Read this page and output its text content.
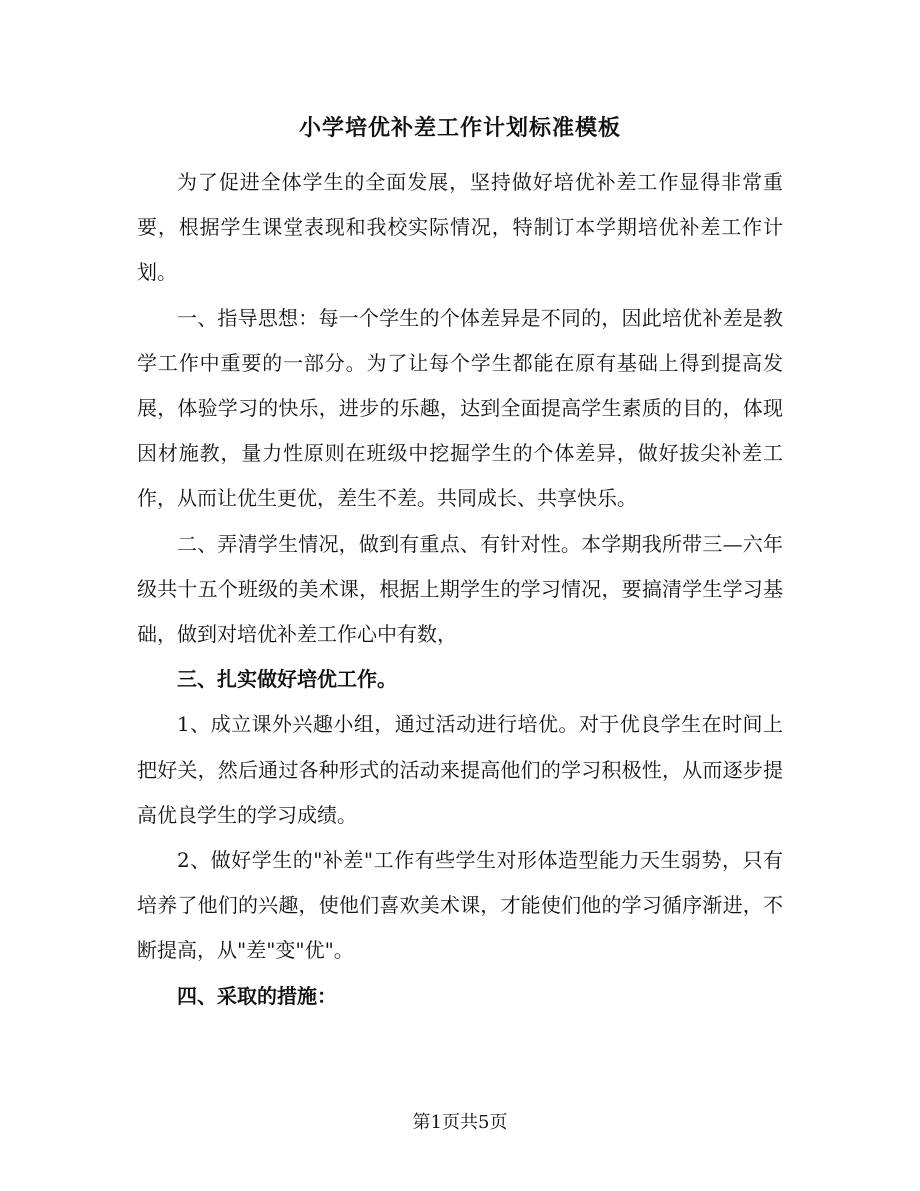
小学培优补差工作计划标准模板

为了促进全体学生的全面发展，坚持做好培优补差工作显得非常重要，根据学生课堂表现和我校实际情况，特制订本学期培优补差工作计划。

一、指导思想：每一个学生的个体差异是不同的，因此培优补差是教学工作中重要的一部分。为了让每个学生都能在原有基础上得到提高发展，体验学习的快乐，进步的乐趣，达到全面提高学生素质的目的，体现因材施教，量力性原则在班级中挖掘学生的个体差异，做好拔尖补差工作，从而让优生更优，差生不差。共同成长、共享快乐。

二、弄清学生情况，做到有重点、有针对性。本学期我所带三—六年级共十五个班级的美术课，根据上期学生的学习情况，要搞清学生学习基础，做到对培优补差工作心中有数，

三、扎实做好培优工作。

1、成立课外兴趣小组，通过活动进行培优。对于优良学生在时间上把好关，然后通过各种形式的活动来提高他们的学习积极性，从而逐步提高优良学生的学习成绩。

2、做好学生的"补差"工作有些学生对形体造型能力天生弱势，只有培养了他们的兴趣，使他们喜欢美术课，才能使们他的学习循序渐进，不断提高，从"差"变"优"。

四、采取的措施：

第1页共5页
